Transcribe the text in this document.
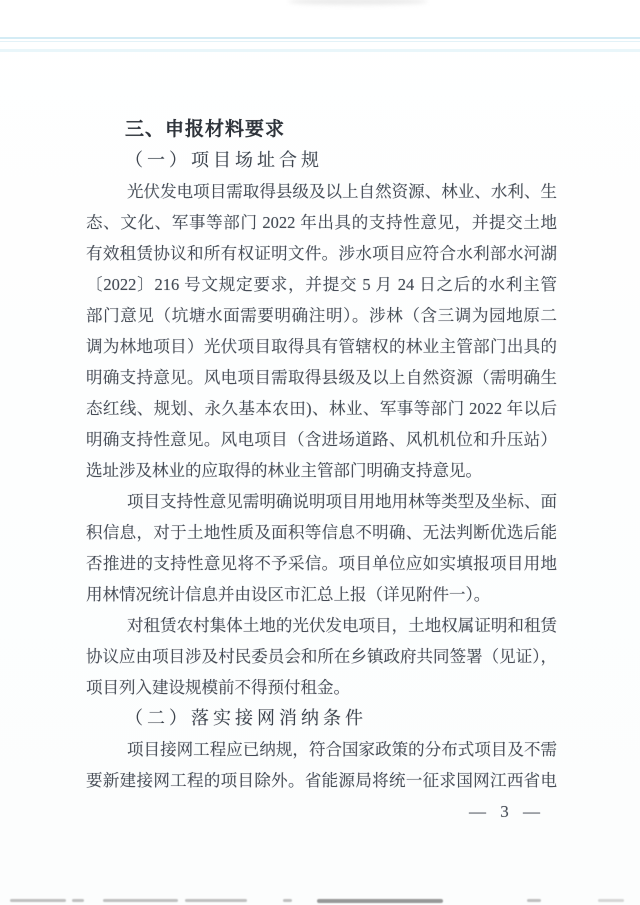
三、申报材料要求
（一）项目场址合规
光伏发电项目需取得县级及以上自然资源、林业、水利、生
态、文化、军事等部门 2022 年出具的支持性意见，并提交土地
有效租赁协议和所有权证明文件。涉水项目应符合水利部水河湖
〔2022〕216 号文规定要求，并提交 5 月 24 日之后的水利主管
部门意见（坑塘水面需要明确注明）。涉林（含三调为园地原二
调为林地项目）光伏项目取得具有管辖权的林业主管部门出具的
明确支持意见。风电项目需取得县级及以上自然资源（需明确生
态红线、规划、永久基本农田)、林业、军事等部门 2022 年以后
明确支持性意见。风电项目（含进场道路、风机机位和升压站）
选址涉及林业的应取得的林业主管部门明确支持意见。
项目支持性意见需明确说明项目用地用林等类型及坐标、面
积信息，对于土地性质及面积等信息不明确、无法判断优选后能
否推进的支持性意见将不予采信。项目单位应如实填报项目用地
用林情况统计信息并由设区市汇总上报（详见附件一）。
对租赁农村集体土地的光伏发电项目，土地权属证明和租赁
协议应由项目涉及村民委员会和所在乡镇政府共同签署（见证），
项目列入建设规模前不得预付租金。
（二）落实接网消纳条件
项目接网工程应已纳规，符合国家政策的分布式项目及不需
要新建接网工程的项目除外。省能源局将统一征求国网江西省电
— 3 —
